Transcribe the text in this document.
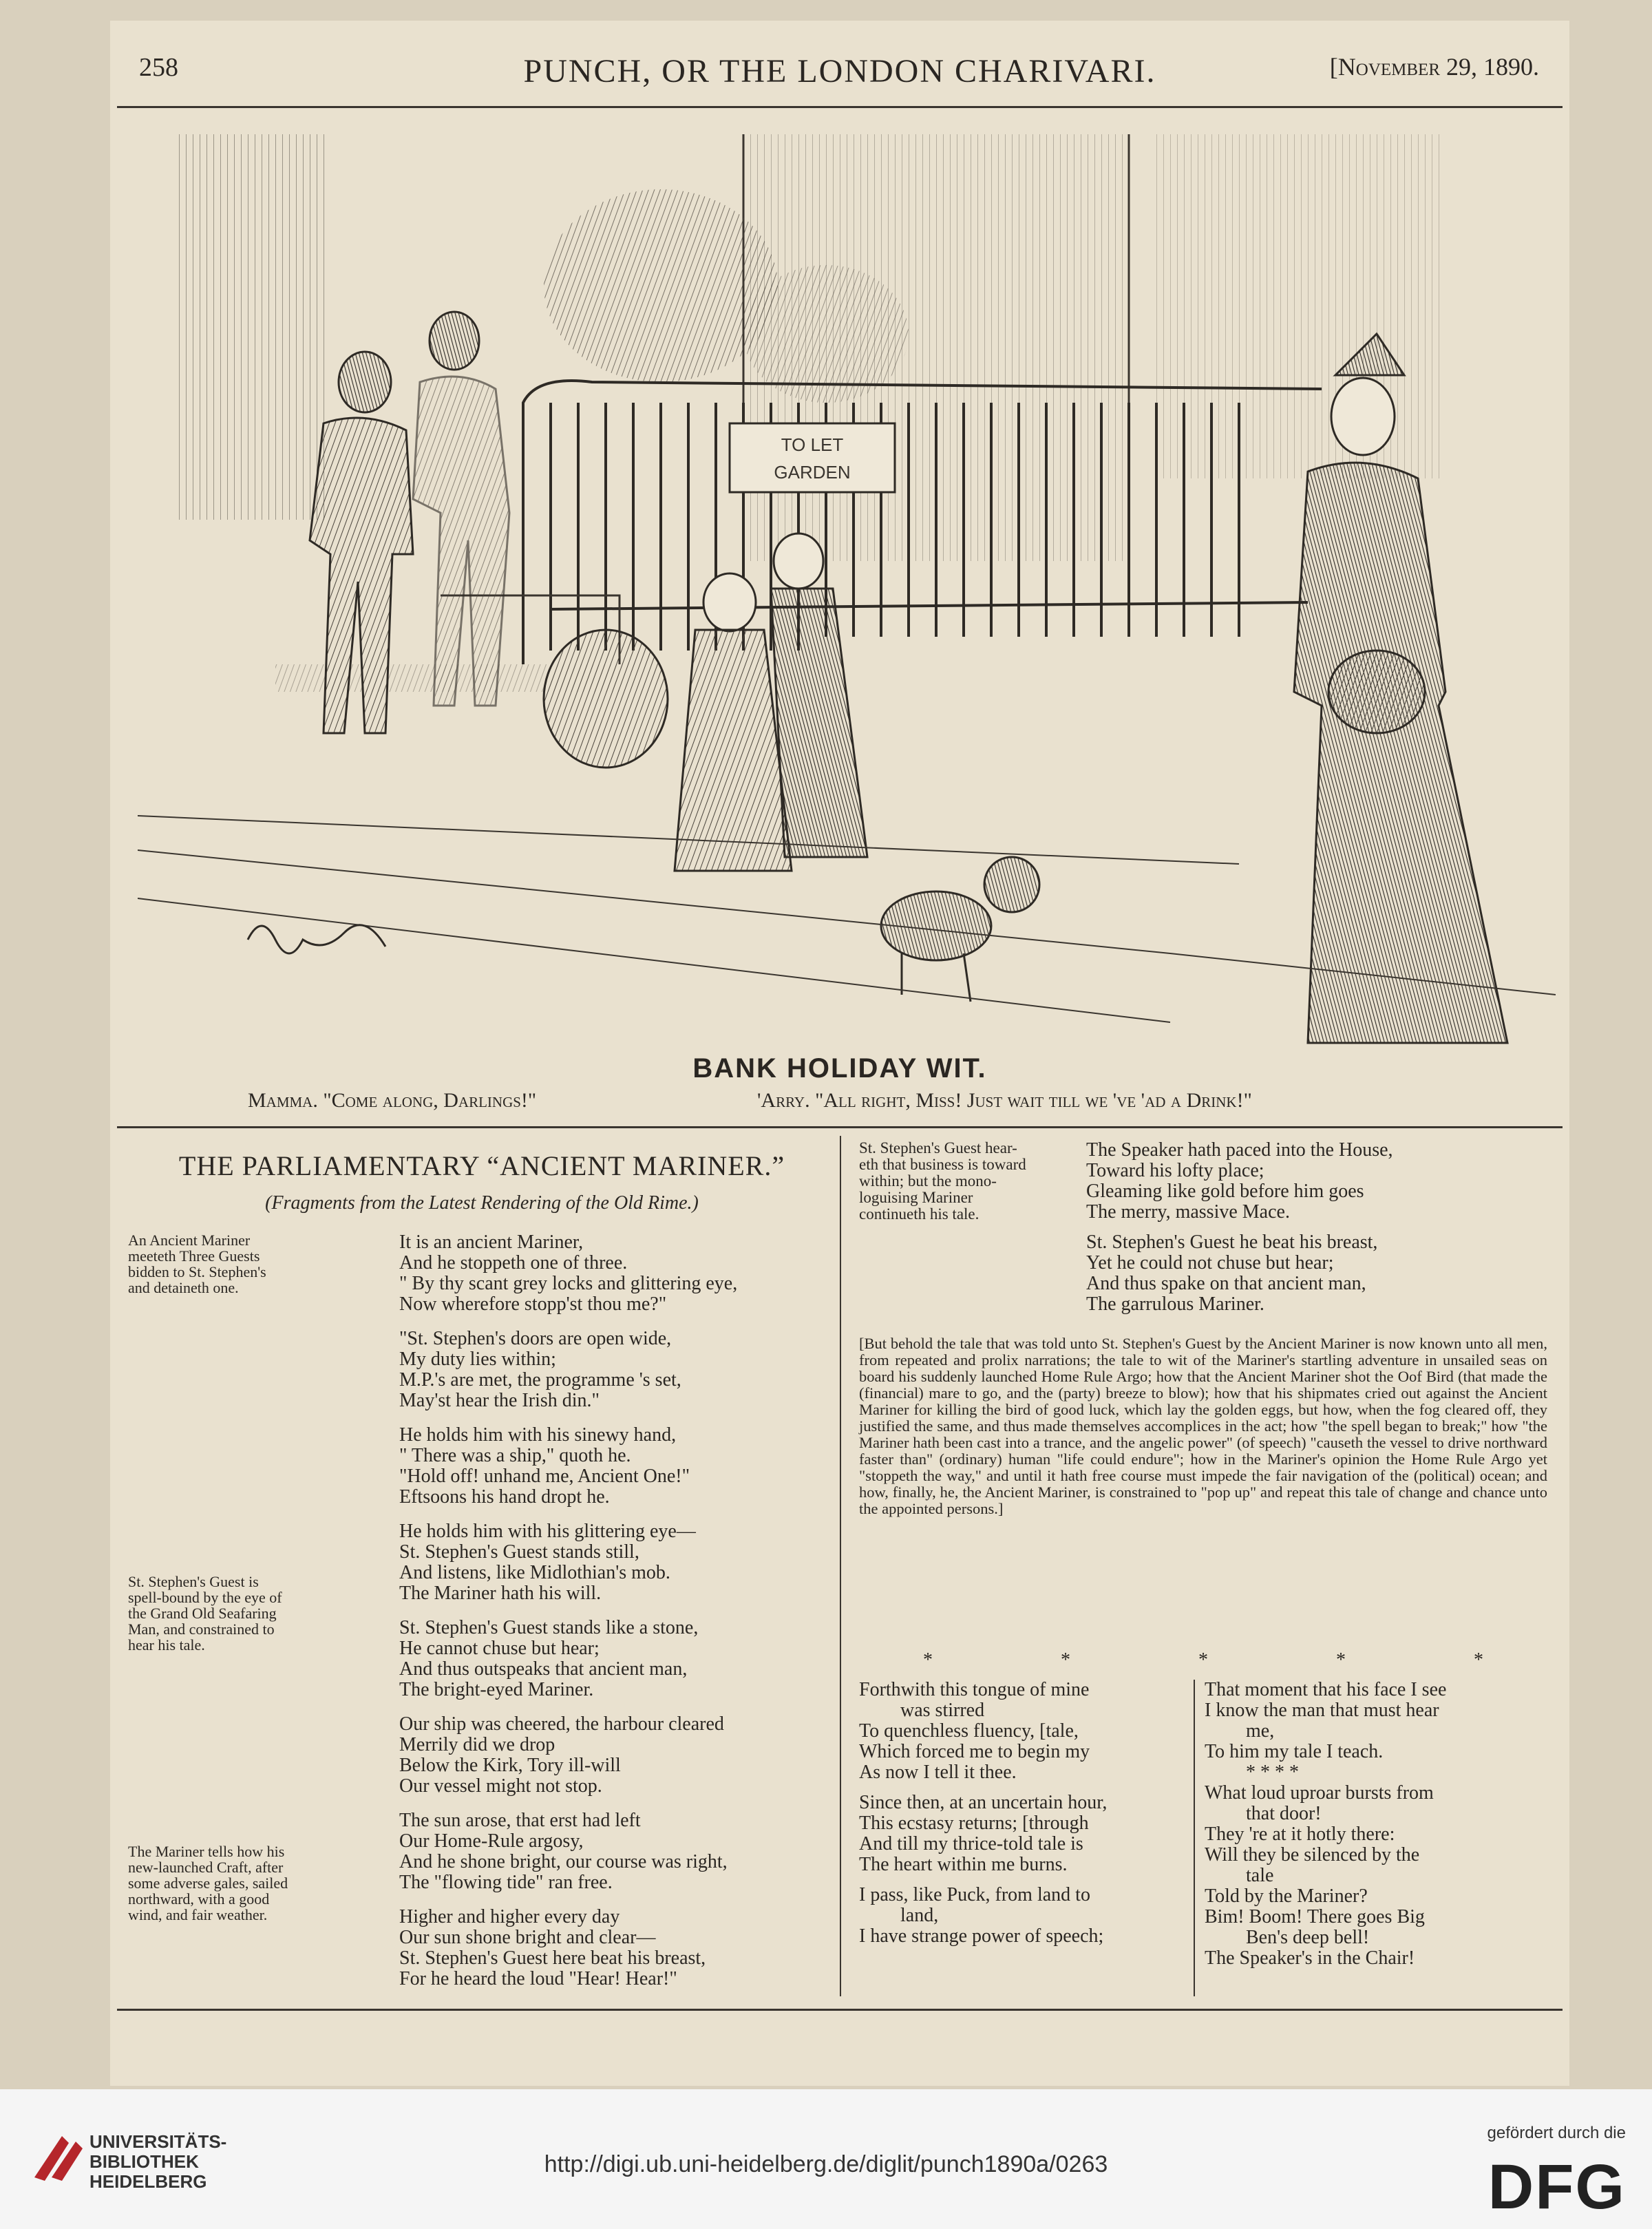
258	PUNCH, OR THE LONDON CHARIVARI.	[November 29, 1890.
TO LET
GARDEN
BANK HOLIDAY WIT.
Mamma. "Come along, Darlings!"	'Arry. "All right, Miss! Just wait till we 've 'ad a Drink!"
THE PARLIAMENTARY “ANCIENT MARINER.”
(Fragments from the Latest Rendering of the Old Rime.)
An Ancient Mariner
meeteth Three Guests
bidden to St. Stephen's
and detaineth one.
St. Stephen's Guest is
spell-bound by the eye of
the Grand Old Seafaring
Man, and constrained to
hear his tale.
The Mariner tells how his
new-launched Craft, after
some adverse gales, sailed
northward, with a good
wind, and fair weather.
It is an ancient Mariner,
And he stoppeth one of three.
" By thy scant grey locks and glittering eye,
Now wherefore stopp'st thou me?"
"St. Stephen's doors are open wide,
My duty lies within;
M.P.'s are met, the programme 's set,
May'st hear the Irish din."
He holds him with his sinewy hand,
" There was a ship," quoth he.
"Hold off! unhand me, Ancient One!"
Eftsoons his hand dropt he.
He holds him with his glittering eye—
St. Stephen's Guest stands still,
And listens, like Midlothian's mob.
The Mariner hath his will.
St. Stephen's Guest stands like a stone,
He cannot chuse but hear;
And thus outspeaks that ancient man,
The bright-eyed Mariner.
Our ship was cheered, the harbour cleared
Merrily did we drop
Below the Kirk, Tory ill-will
Our vessel might not stop.
The sun arose, that erst had left
Our Home-Rule argosy,
And he shone bright, our course was right,
The "flowing tide" ran free.
Higher and higher every day
Our sun shone bright and clear—
St. Stephen's Guest here beat his breast,
For he heard the loud "Hear! Hear!"
St. Stephen's Guest hear-
eth that business is toward
within; but the mono-
loguising Mariner
continueth his tale.
The Speaker hath paced into the House,
Toward his lofty place;
Gleaming like gold before him goes
The merry, massive Mace.
St. Stephen's Guest he beat his breast,
Yet he could not chuse but hear;
And thus spake on that ancient man,
The garrulous Mariner.
[But behold the tale that was told unto St. Stephen's Guest by the Ancient Mariner is now known unto all men, from repeated and prolix narrations; the tale to wit of the Mariner's startling adventure in unsailed seas on board his suddenly launched Home Rule Argo; how that the Ancient Mariner shot the Oof Bird (that made the (financial) mare to go, and the (party) breeze to blow); how that his shipmates cried out against the Ancient Mariner for killing the bird of good luck, which lay the golden eggs, but how, when the fog cleared off, they justified the same, and thus made themselves accomplices in the act; how "the spell began to break;" how "the Mariner hath been cast into a trance, and the angelic power" (of speech) "causeth the vessel to drive northward faster than" (ordinary) human "life could endure"; how in the Mariner's opinion the Home Rule Argo yet "stoppeth the way," and until it hath free course must impede the fair navigation of the (political) ocean; and how, finally, he, the Ancient Mariner, is constrained to "pop up" and repeat this tale of change and chance unto the appointed persons.]
*	*	*	*	*
Forthwith this tongue of mine
was stirred
To quenchless fluency, [tale,
Which forced me to begin my
As now I tell it thee.
Since then, at an uncertain hour,
This ecstasy returns; [through
And till my thrice-told tale is
The heart within me burns.
I pass, like Puck, from land to
land,
I have strange power of speech;
That moment that his face I see
I know the man that must hear
me,
To him my tale I teach.
* * * *
What loud uproar bursts from
that door!
They 're at it hotly there:
Will they be silenced by the
tale
Told by the Mariner?
Bim! Boom! There goes Big
Ben's deep bell!
The Speaker's in the Chair!
UNIVERSITÄTS-
BIBLIOTHEK
HEIDELBERG
http://digi.ub.uni-heidelberg.de/diglit/punch1890a/0263
gefördert durch die
DFG
